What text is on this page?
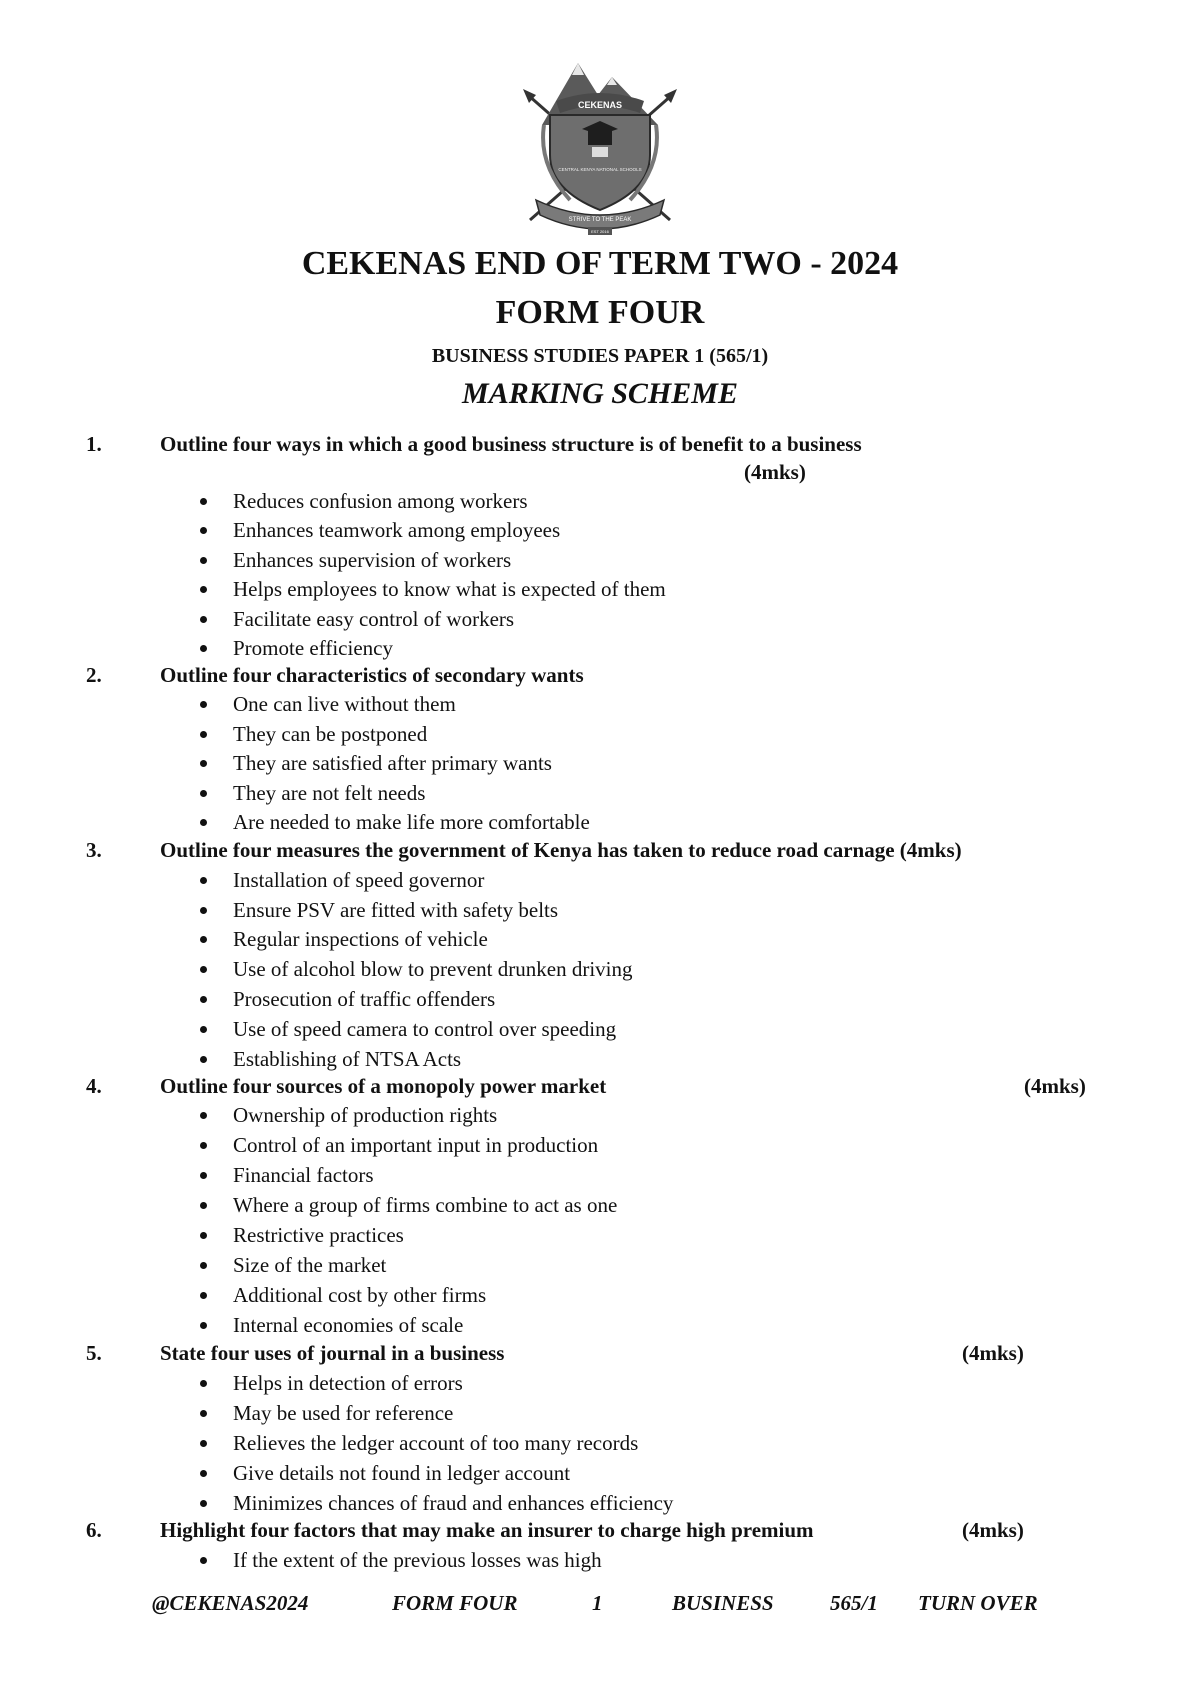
CEKENAS
CENTRAL KENYA NATIONAL SCHOOLS
STRIVE TO THE PEAK
EST 2016
CEKENAS END OF TERM TWO - 2024
FORM FOUR
BUSINESS STUDIES PAPER 1 (565/1)
MARKING SCHEME
1.	Outline four ways in which a good business structure is of benefit to a business
(4mks)
Reduces confusion among workers
Enhances teamwork among employees
Enhances supervision of workers
Helps employees to know what is expected of them
Facilitate easy control of workers
Promote efficiency
2.	Outline four characteristics of secondary wants
One can live without them
They can be postponed
They are satisfied after primary wants
They are not felt needs
Are needed to make life more comfortable
3.	Outline four measures the government of Kenya has taken to reduce road carnage (4mks)
Installation of speed governor
Ensure PSV are fitted with safety belts
Regular inspections of vehicle
Use of alcohol blow to prevent drunken driving
Prosecution of traffic offenders
Use of speed camera to control over speeding
Establishing of NTSA Acts
4.	Outline four sources of a monopoly power market	(4mks)
Ownership of production rights
Control of an important input in production
Financial factors
Where a group of firms combine to act as one
Restrictive practices
Size of the market
Additional cost by other firms
Internal economies of scale
5.	State four uses of journal in a business	(4mks)
Helps in detection of errors
May be used for reference
Relieves the ledger account of too many records
Give details not found in ledger account
Minimizes chances of fraud and enhances efficiency
6.	Highlight four factors that may make an insurer to charge high premium	(4mks)
If the extent of the previous losses was high
@CEKENAS2024	FORM FOUR	1	BUSINESS	565/1 TURN OVER
